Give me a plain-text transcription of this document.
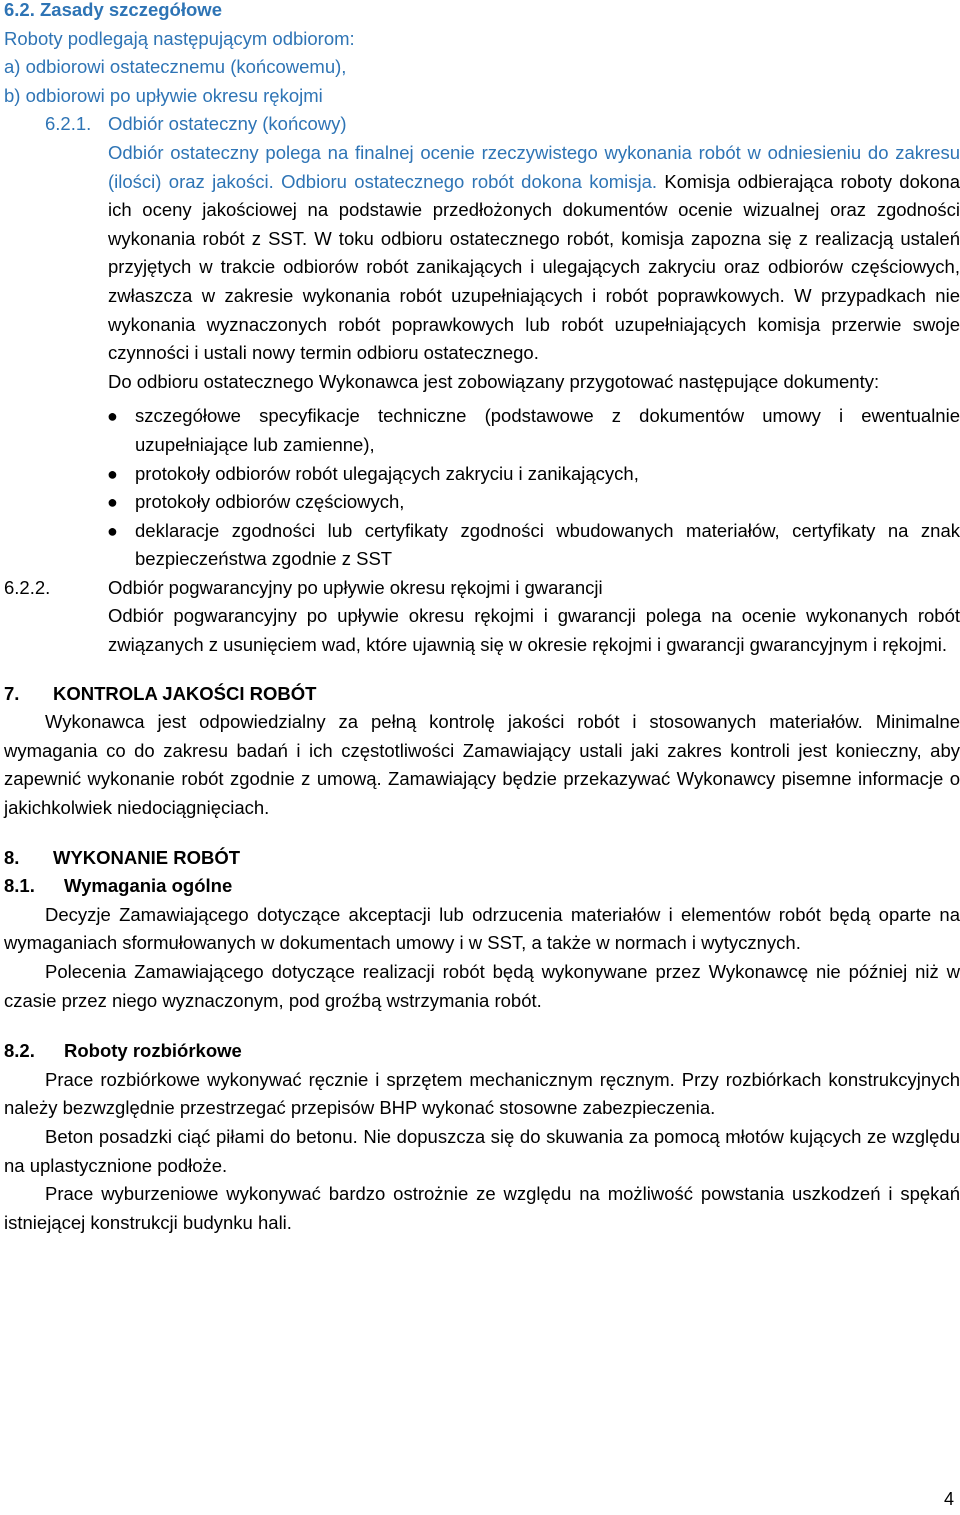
6.2. Zasady szczegółowe

Roboty podlegają następującym odbiorom:

a) odbiorowi ostatecznemu (końcowemu),

b) odbiorowi po upływie okresu rękojmi

6.2.1. Odbiór ostateczny (końcowy)

Odbiór ostateczny polega na finalnej ocenie rzeczywistego wykonania robót w odniesieniu do zakresu (ilości) oraz jakości. Odbioru ostatecznego robót dokona komisja. Komisja odbierająca roboty dokona ich oceny jakościowej na podstawie przedłożonych dokumentów ocenie wizualnej oraz zgodności wykonania robót z SST. W toku odbioru ostatecznego robót, komisja zapozna się z realizacją ustaleń przyjętych w trakcie odbiorów robót zanikających i ulegających zakryciu oraz odbiorów częściowych, zwłaszcza w zakresie wykonania robót uzupełniających i robót poprawkowych. W przypadkach nie wykonania wyznaczonych robót poprawkowych lub robót uzupełniających komisja przerwie swoje czynności i ustali nowy termin odbioru ostatecznego.

Do odbioru ostatecznego Wykonawca jest zobowiązany przygotować następujące dokumenty:

● szczegółowe specyfikacje techniczne (podstawowe z dokumentów umowy i ewentualnie uzupełniające lub zamienne),

● protokoły odbiorów robót ulegających zakryciu i zanikających,

● protokoły odbiorów częściowych,

● deklaracje zgodności lub certyfikaty zgodności wbudowanych materiałów, certyfikaty na znak bezpieczeństwa zgodnie z SST

6.2.2.	Odbiór pogwarancyjny po upływie okresu rękojmi i gwarancji

Odbiór pogwarancyjny po upływie okresu rękojmi i gwarancji polega na ocenie wykonanych robót związanych z usunięciem wad, które ujawnią się w okresie rękojmi i gwarancji gwarancyjnym i rękojmi.

7. KONTROLA JAKOŚCI ROBÓT

Wykonawca jest odpowiedzialny za pełną kontrolę jakości robót i stosowanych materiałów. Minimalne wymagania co do zakresu badań i ich częstotliwości Zamawiający ustali jaki zakres kontroli jest konieczny, aby zapewnić wykonanie robót zgodnie z umową. Zamawiający będzie przekazywać Wykonawcy pisemne informacje o jakichkolwiek niedociągnięciach.

8. WYKONANIE ROBÓT

8.1. Wymagania ogólne

Decyzje Zamawiającego dotyczące akceptacji lub odrzucenia materiałów i elementów robót będą oparte na wymaganiach sformułowanych w dokumentach umowy i w SST, a także w normach i wytycznych.

Polecenia Zamawiającego dotyczące realizacji robót będą wykonywane przez Wykonawcę nie później niż w czasie przez niego wyznaczonym, pod groźbą wstrzymania robót.

8.2. Roboty rozbiórkowe

Prace rozbiórkowe wykonywać ręcznie i sprzętem mechanicznym ręcznym. Przy rozbiórkach konstrukcyjnych należy bezwzględnie przestrzegać przepisów BHP wykonać stosowne zabezpieczenia.

Beton posadzki ciąć piłami do betonu. Nie dopuszcza się do skuwania za pomocą młotów kujących ze względu na uplastycznione podłoże.

Prace wyburzeniowe wykonywać bardzo ostrożnie ze względu na możliwość powstania uszkodzeń i spękań istniejącej konstrukcji budynku hali.

4
